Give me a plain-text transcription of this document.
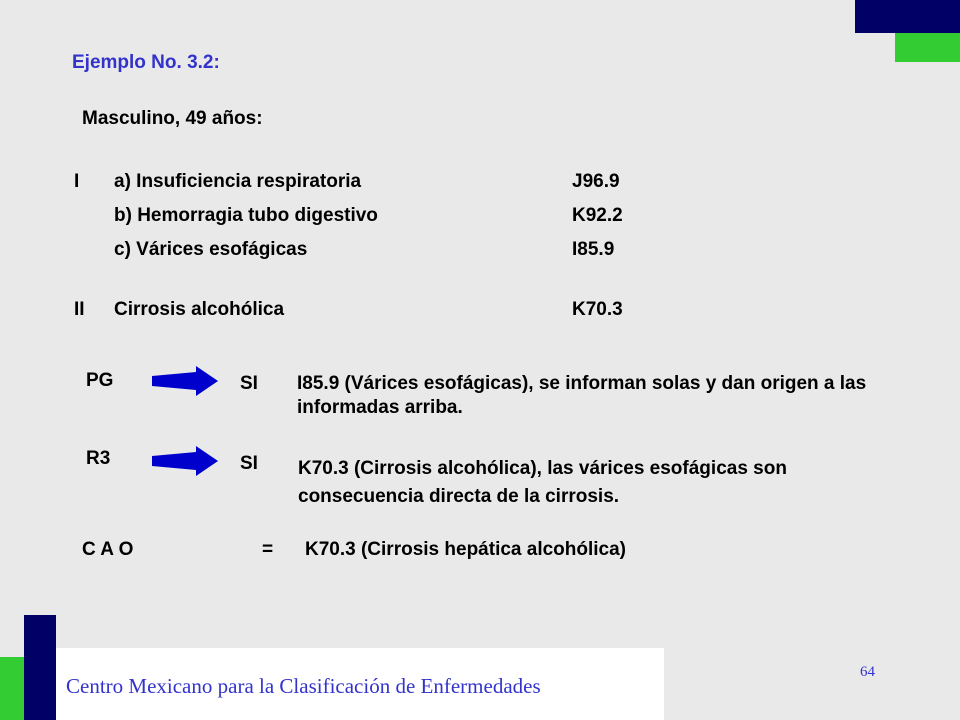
Ejemplo No. 3.2:
Masculino, 49 años:
I a) Insuficiencia respiratoria	J96.9
b) Hemorragia tubo digestivo	K92.2
c) Várices esofágicas	I85.9
II Cirrosis alcohólica	K70.3
PG	SI I85.9 (Várices esofágicas), se informan solas y dan origen a las informadas arriba.
R3	SI K70.3 (Cirrosis alcohólica), las várices esofágicas son consecuencia directa de la cirrosis.
C A O	= K70.3 (Cirrosis hepática alcohólica)
Centro Mexicano para la Clasificación de Enfermedades
64
